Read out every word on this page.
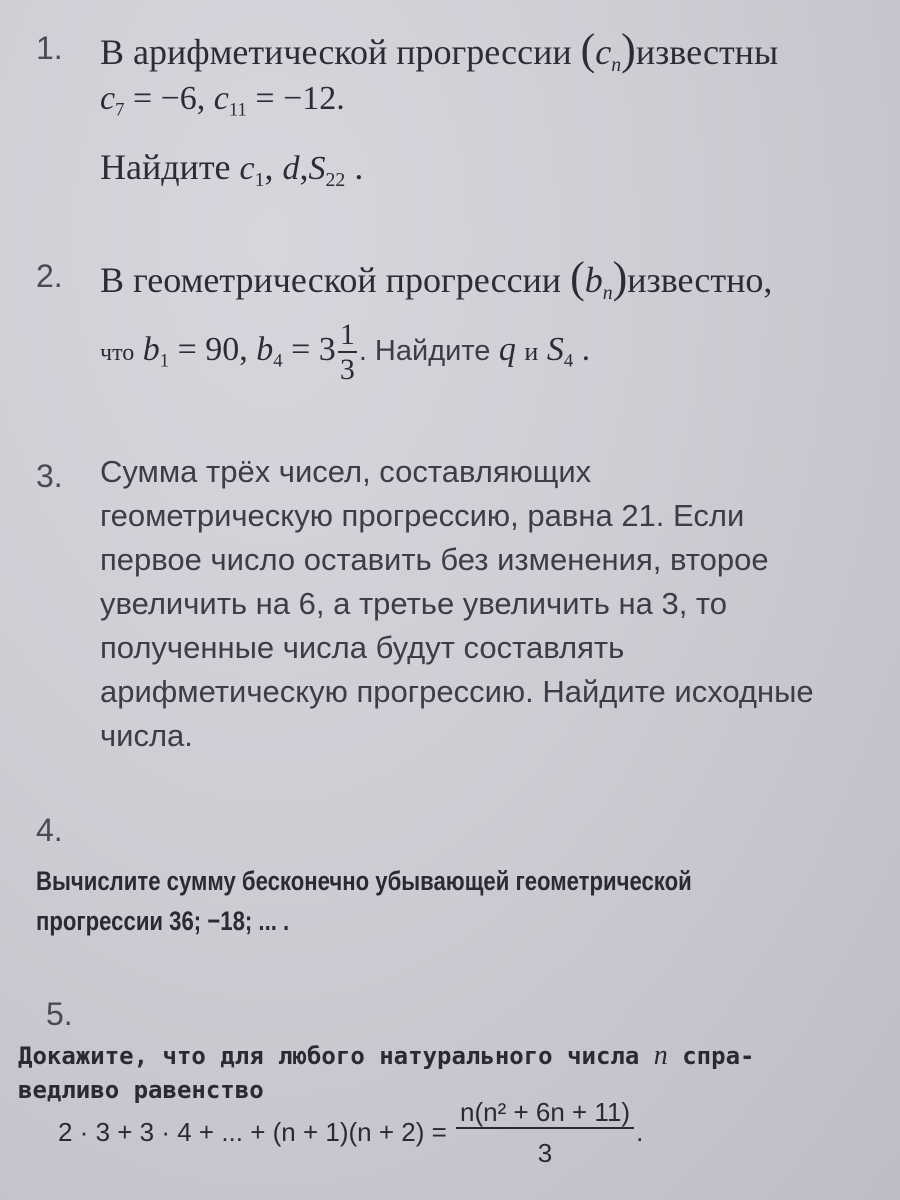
1. В арифметической прогрессии $(c_n)известны$
$c_7 = -6$, $c_{11} = -12$.
Найдите $c_1$, $d,S_{22}$ .
2. В геометрической прогрессии $(b_n)известно$,
что $b_1 = 90$, $b_4 = 3 \frac{1}{3}$ . Найдите q и $S_4$ .
3. Сумма трёх чисел, составляющих
геометрическую прогрессию, равна 21. Если
первое число оставить без изменения, второе
увеличить на 6, а третье увеличить на 3, то
полученные числа будут составлять
арифметическую прогрессию. Найдите исходные
числа.
4.
Вычислите сумму бесконечно убывающей геометрической
прогрессии 36; −18; ... .
5.
Докажите, что для любого натурального числа n спра-
ведливо равенство
2 · 3 + 3 · 4 + ... + $(n + 1)(n + 2) = \frac{\text{n(n² + 6n + 11)}}{3}$ .
